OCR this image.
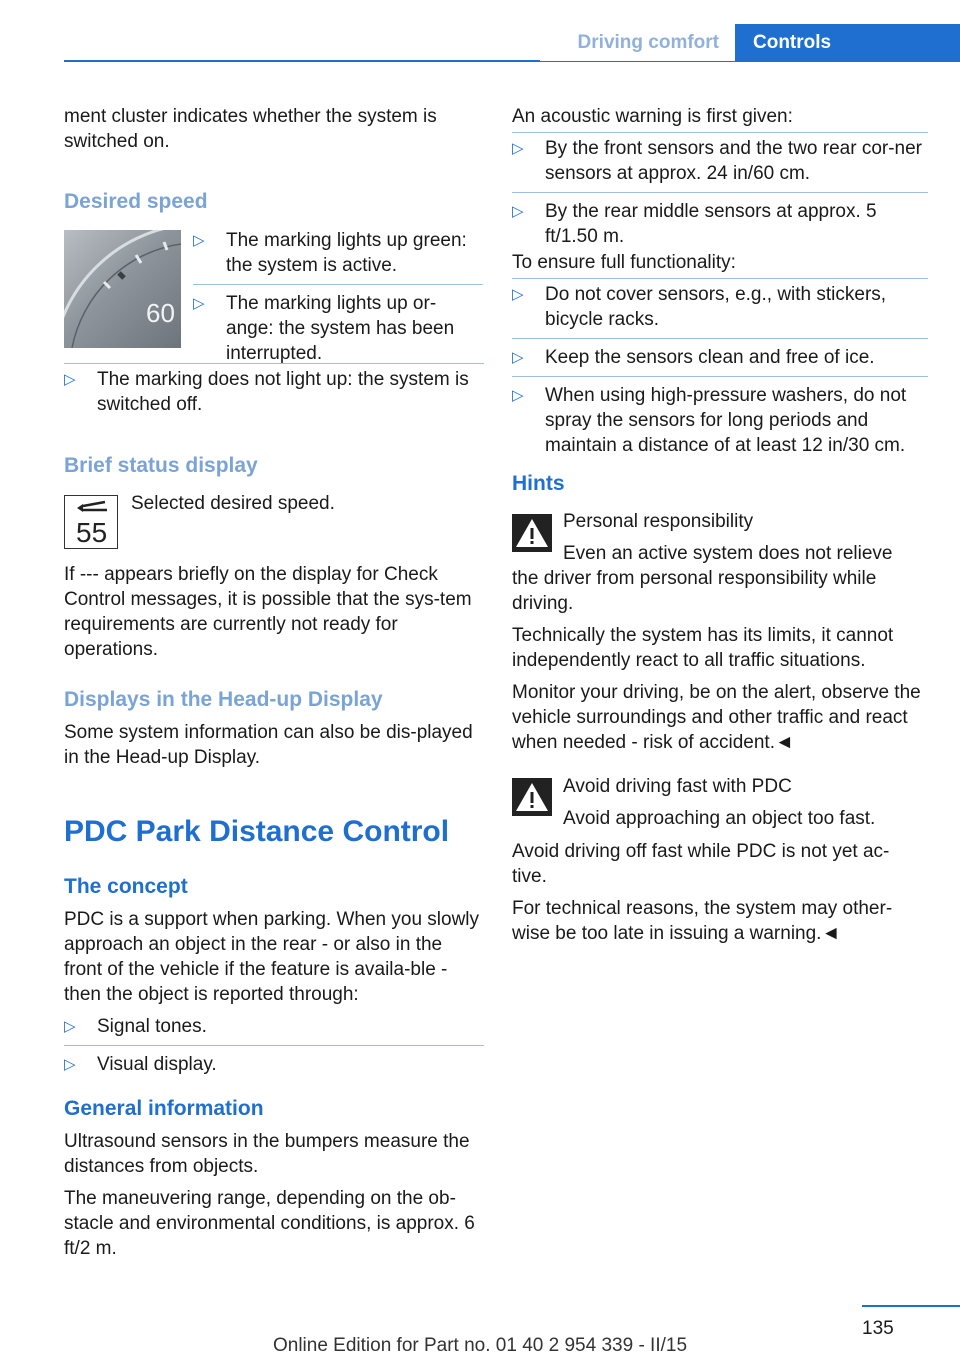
Driving comfort	Controls

ment cluster indicates whether the system is switched on.

Desired speed

60
▷ The marking lights up green: the system is active.
▷ The marking lights up or-ange: the system has been interrupted.
▷ The marking does not light up: the system is switched off.

Brief status display

55

Selected desired speed.

If --- appears briefly on the display for Check Control messages, it is possible that the sys-tem requirements are currently not ready for operations.

Displays in the Head-up Display

Some system information can also be dis-played in the Head-up Display.

PDC Park Distance Control

The concept

PDC is a support when parking. When you slowly approach an object in the rear - or also in the front of the vehicle if the feature is availa-ble - then the object is reported through:

▷ Signal tones.
▷ Visual display.

General information

Ultrasound sensors in the bumpers measure the distances from objects.

The maneuvering range, depending on the ob-stacle and environmental conditions, is approx. 6 ft/2 m.

An acoustic warning is first given:

▷ By the front sensors and the two rear cor-ner sensors at approx. 24 in/60 cm.
▷ By the rear middle sensors at approx. 5 ft/1.50 m.

To ensure full functionality:

▷ Do not cover sensors, e.g., with stickers, bicycle racks.
▷ Keep the sensors clean and free of ice.
▷ When using high-pressure washers, do not spray the sensors for long periods and maintain a distance of at least 12 in/30 cm.

Hints

Personal responsibility

Even an active system does not relieve

the driver from personal responsibility while driving.

Technically the system has its limits, it cannot independently react to all traffic situations.

Monitor your driving, be on the alert, observe the vehicle surroundings and other traffic and react when needed - risk of accident.◄

Avoid driving fast with PDC

Avoid approaching an object too fast.

Avoid driving off fast while PDC is not yet ac-tive.

For technical reasons, the system may other-wise be too late in issuing a warning.◄

135
Online Edition for Part no. 01 40 2 954 339 - II/15
